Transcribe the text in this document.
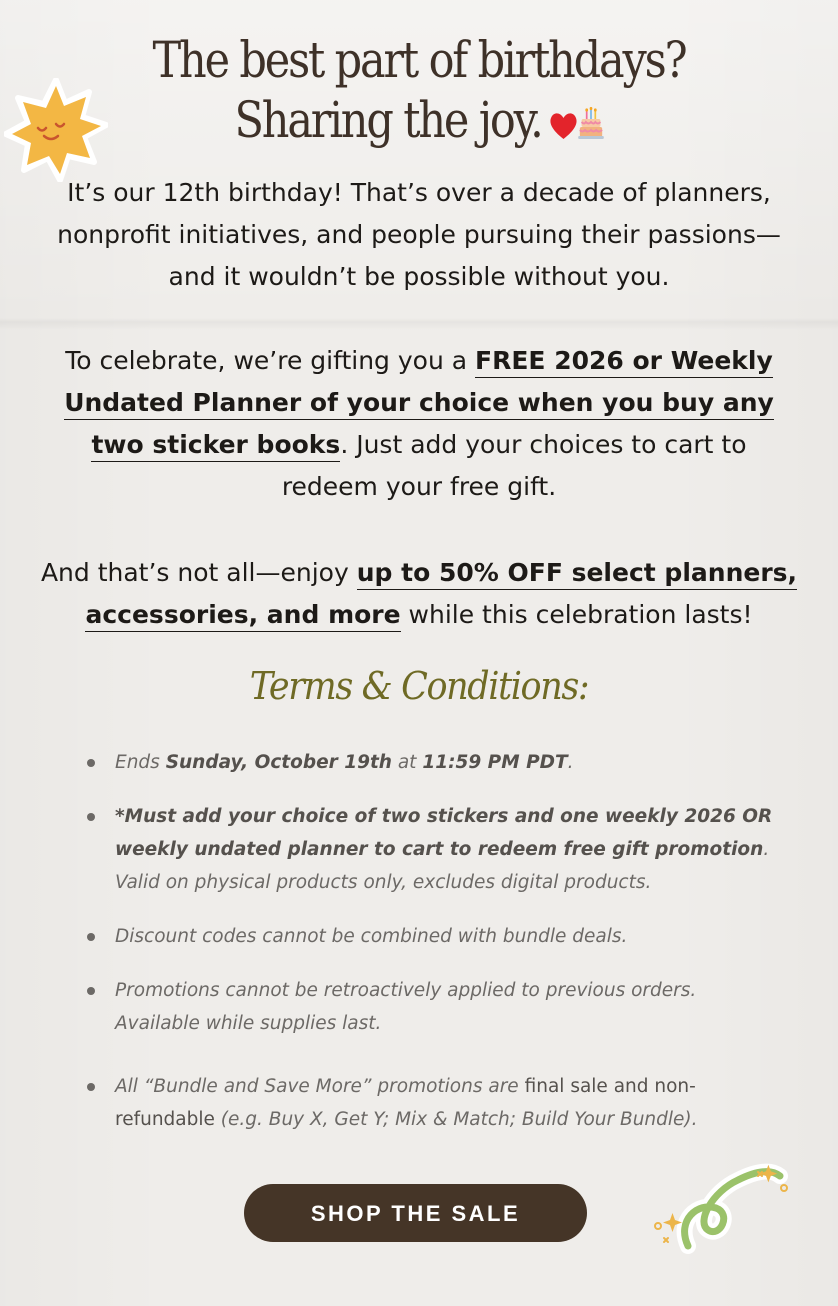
The best part of birthdays?
Sharing the joy.
It’s our 12th birthday! That’s over a decade of planners, nonprofit initiatives, and people pursuing their passions—and it wouldn’t be possible without you.
To celebrate, we’re gifting you a FREE 2026 or Weekly Undated Planner of your choice when you buy any two sticker books. Just add your choices to cart to redeem your free gift.
And that’s not all—enjoy up to 50% OFF select planners, accessories, and more while this celebration lasts!
Terms & Conditions:
Ends Sunday, October 19th at 11:59 PM PDT.
*Must add your choice of two stickers and one weekly 2026 OR weekly undated planner to cart to redeem free gift promotion. Valid on physical products only, excludes digital products.
Discount codes cannot be combined with bundle deals.
Promotions cannot be retroactively applied to previous orders. Available while supplies last.
All “Bundle and Save More” promotions are final sale and non-refundable (e.g. Buy X, Get Y; Mix & Match; Build Your Bundle).
SHOP THE SALE
